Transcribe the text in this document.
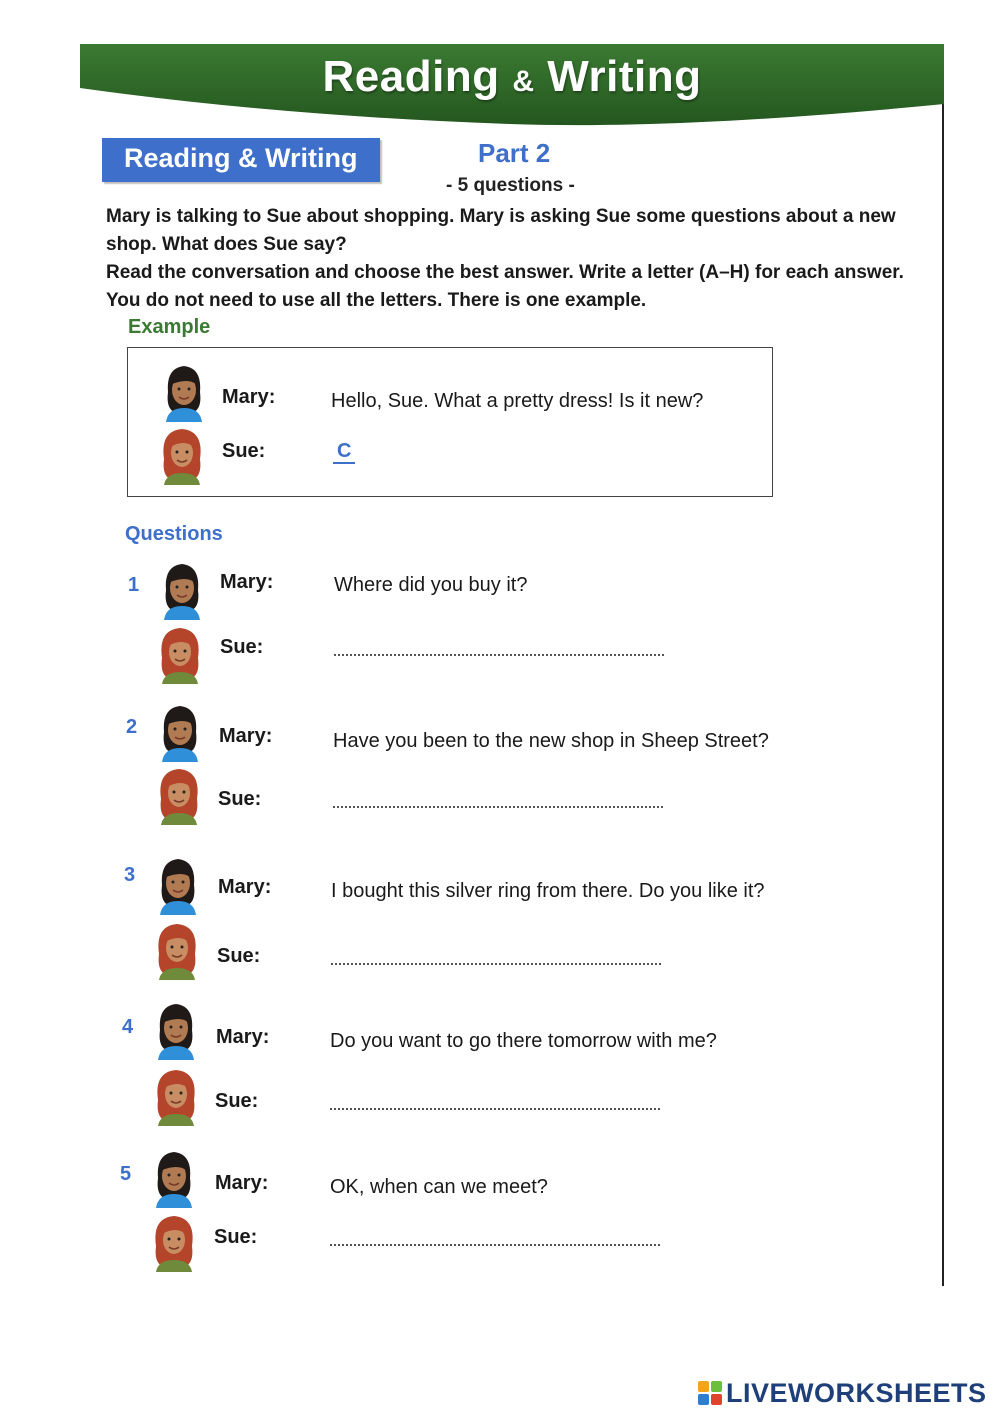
Reading & Writing
Reading & Writing	Part 2
- 5 questions -

Mary is talking to Sue about shopping. Mary is asking Sue some questions about a new shop. What does Sue say?

Read the conversation and choose the best answer. Write a letter (A–H) for each answer. You do not need to use all the letters. There is one example.

Example
Mary:	Hello, Sue. What a pretty dress! Is it new?
Sue:	C
Questions
1	Mary:	Where did you buy it?
Sue:
2	Mary:	Have you been to the new shop in Sheep Street?
Sue:
3
Mary:	I bought this silver ring from there. Do you like it?
Sue:
4	Mary:	Do you want to go there tomorrow with me?
Sue:
5	Mary:	OK, when can we meet?
Sue:
LIVEWORKSHEETS
